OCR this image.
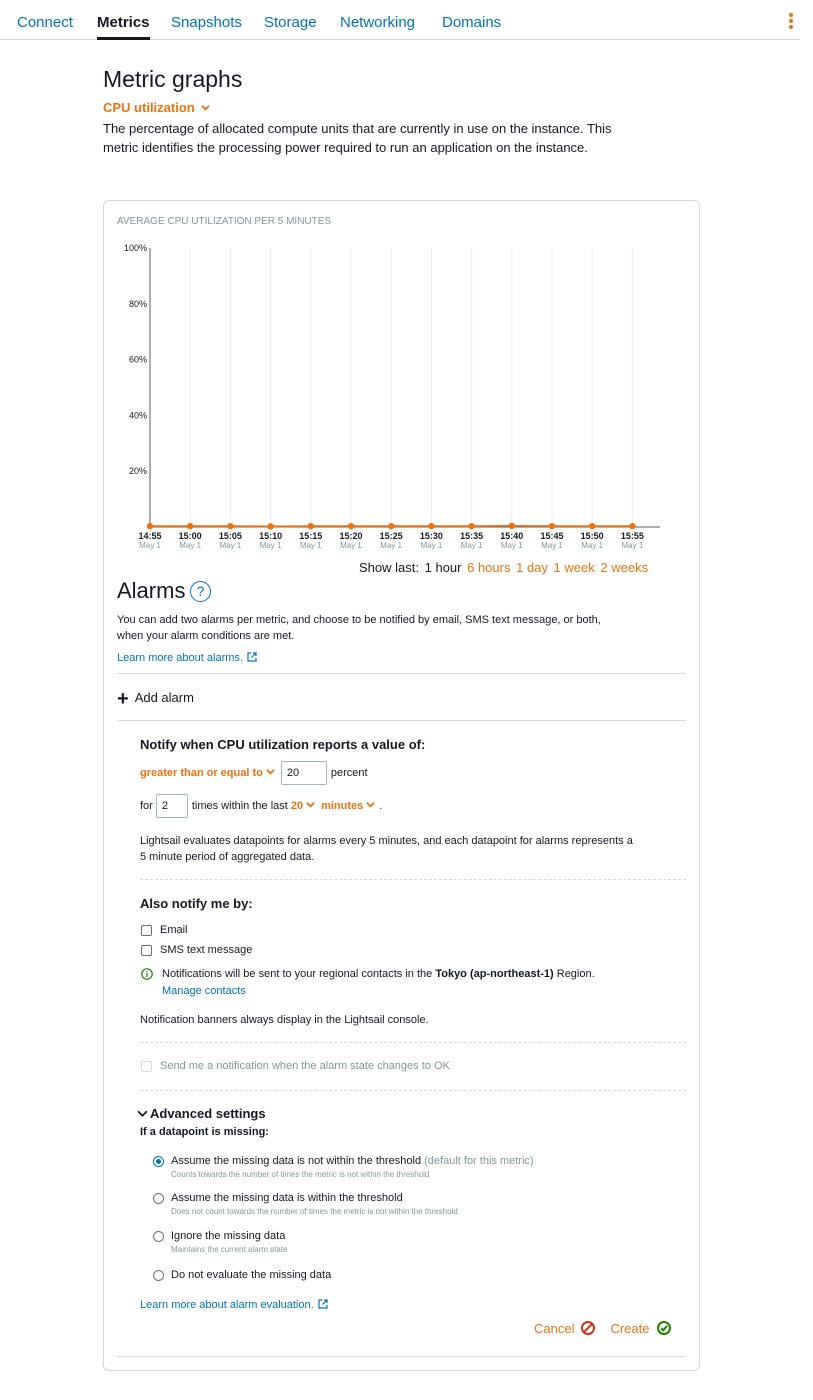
Connect Metrics Snapshots Storage Networking Domains
Metric graphs
CPU utilization

The percentage of allocated compute units that are currently in use on the instance. This metric identifies the processing power required to run an application on the instance.

AVERAGE CPU UTILIZATION PER 5 MINUTES
20%
40%
60%
80%
100%
14:55
May 1
15:00
May 1
15:05
May 1
15:10
May 1
15:15
May 1
15:20
May 1
15:25
May 1
15:30
May 1
15:35
May 1
15:40
May 1
15:45
May 1
15:50
May 1
15:55
May 1
Show last: 1 hour 6 hours 1 day 1 week 2 weeks
Alarms ?

You can add two alarms per metric, and choose to be notified by email, SMS text message, or both, when your alarm conditions are met.

Learn more about alarms.
+ Add alarm
Notify when CPU utilization reports a value of:
greater than or equal to	20	percent
for 2	times within the last 20	minutes	.

Lightsail evaluates datapoints for alarms every 5 minutes, and each datapoint for alarms represents a 5 minute period of aggregated data.

Also notify me by:
Email
SMS text message
Notifications will be sent to your regional contacts in the Tokyo (ap-northeast-1) Region.
Manage contacts
Notification banners always display in the Lightsail console.
Send me a notification when the alarm state changes to OK
Advanced settings
If a datapoint is missing:
Assume the missing data is not within the threshold (default for this metric)
Counts towards the number of times the metric is not within the threshold
Assume the missing data is within the threshold
Does not count towards the number of times the metric is not within the threshold
Ignore the missing data
Maintains the current alarm state
Do not evaluate the missing data
Learn more about alarm evaluation.
Cancel	Create
